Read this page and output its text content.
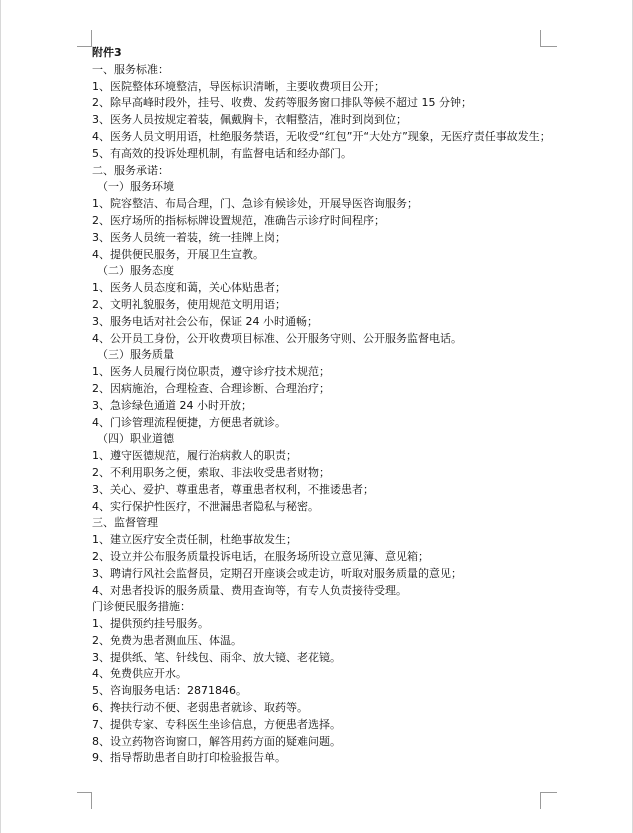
附件3
一、服务标准：
1、医院整体环境整洁，导医标识清晰，主要收费项目公开；
2、除早高峰时段外，挂号、收费、发药等服务窗口排队等候不超过 15 分钟；
3、医务人员按规定着装，佩戴胸卡，衣帽整洁，准时到岗到位；
4、医务人员文明用语，杜绝服务禁语，无收受“红包”开“大处方”现象，无医疗责任事故发生；
5、有高效的投诉处理机制，有监督电话和经办部门。
二、服务承诺：
（一）服务环境
1、院容整洁、布局合理，门、急诊有候诊处，开展导医咨询服务；
2、医疗场所的指标标牌设置规范，准确告示诊疗时间程序；
3、医务人员统一着装，统一挂牌上岗；
4、提供便民服务，开展卫生宣教。
（二）服务态度
1、医务人员态度和蔼，关心体贴患者；
2、文明礼貌服务，使用规范文明用语；
3、服务电话对社会公布，保证 24 小时通畅；
4、公开员工身份，公开收费项目标准、公开服务守则、公开服务监督电话。
（三）服务质量
1、医务人员履行岗位职责，遵守诊疗技术规范；
2、因病施治，合理检查、合理诊断、合理治疗；
3、急诊绿色通道 24 小时开放；
4、门诊管理流程便捷，方便患者就诊。
（四）职业道德
1、遵守医德规范，履行治病救人的职责；
2、不利用职务之便，索取、非法收受患者财物；
3、关心、爱护、尊重患者，尊重患者权利，不推诿患者；
4、实行保护性医疗，不泄漏患者隐私与秘密。
三、监督管理
1、建立医疗安全责任制，杜绝事故发生；
2、设立并公布服务质量投诉电话，在服务场所设立意见簿、意见箱；
3、聘请行风社会监督员，定期召开座谈会或走访，听取对服务质量的意见；
4、对患者投诉的服务质量、费用查询等，有专人负责接待受理。
门诊便民服务措施：
1、提供预约挂号服务。
2、免费为患者测血压、体温。
3、提供纸、笔、针线包、雨伞、放大镜、老花镜。
4、免费供应开水。
5、咨询服务电话：2871846。
6、搀扶行动不便、老弱患者就诊、取药等。
7、提供专家、专科医生坐诊信息，方便患者选择。
8、设立药物咨询窗口，解答用药方面的疑难问题。
9、指导帮助患者自助打印检验报告单。
